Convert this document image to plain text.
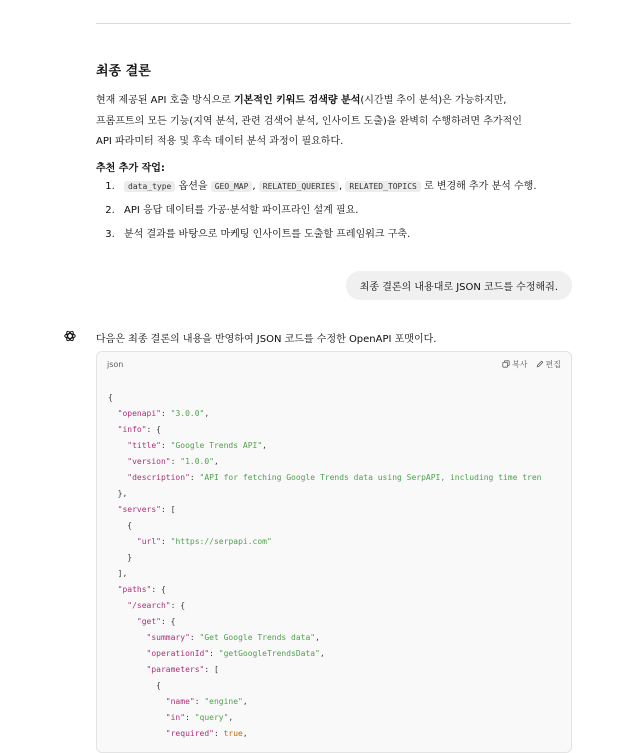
최종 결론

현재 제공된 API 호출 방식으로 기본적인 키워드 검색량 분석(시간별 추이 분석)은 가능하지만,
프롬프트의 모든 기능(지역 분석, 관련 검색어 분석, 인사이트 도출)을 완벽히 수행하려면 추가적인
API 파라미터 적용 및 후속 데이터 분석 과정이 필요하다.

추천 추가 작업:
1. data_type 옵션을 GEO_MAP , RELATED_QUERIES , RELATED_TOPICS 로 변경해 추가 분석 수행.
2. API 응답 데이터를 가공·분석할 파이프라인 설계 필요.
3. 분석 결과를 바탕으로 마케팅 인사이트를 도출할 프레임워크 구축.
최종 결론의 내용대로 JSON 코드를 수정해줘.
다음은 최종 결론의 내용을 반영하여 JSON 코드를 수정한 OpenAPI 포맷이다.
json	복사 편집
{
"openapi": "3.0.0",
"info": {
"title": "Google Trends API",
"version": "1.0.0",
"description": "API for fetching Google Trends data using SerpAPI, including time tren
},
"servers": [
{
"url": "https://serpapi.com"
}
],
"paths": {
"/search": {
"get": {
"summary": "Get Google Trends data",
"operationId": "getGoogleTrendsData",
"parameters": [
{
"name": "engine",
"in": "query",
"required": true,
